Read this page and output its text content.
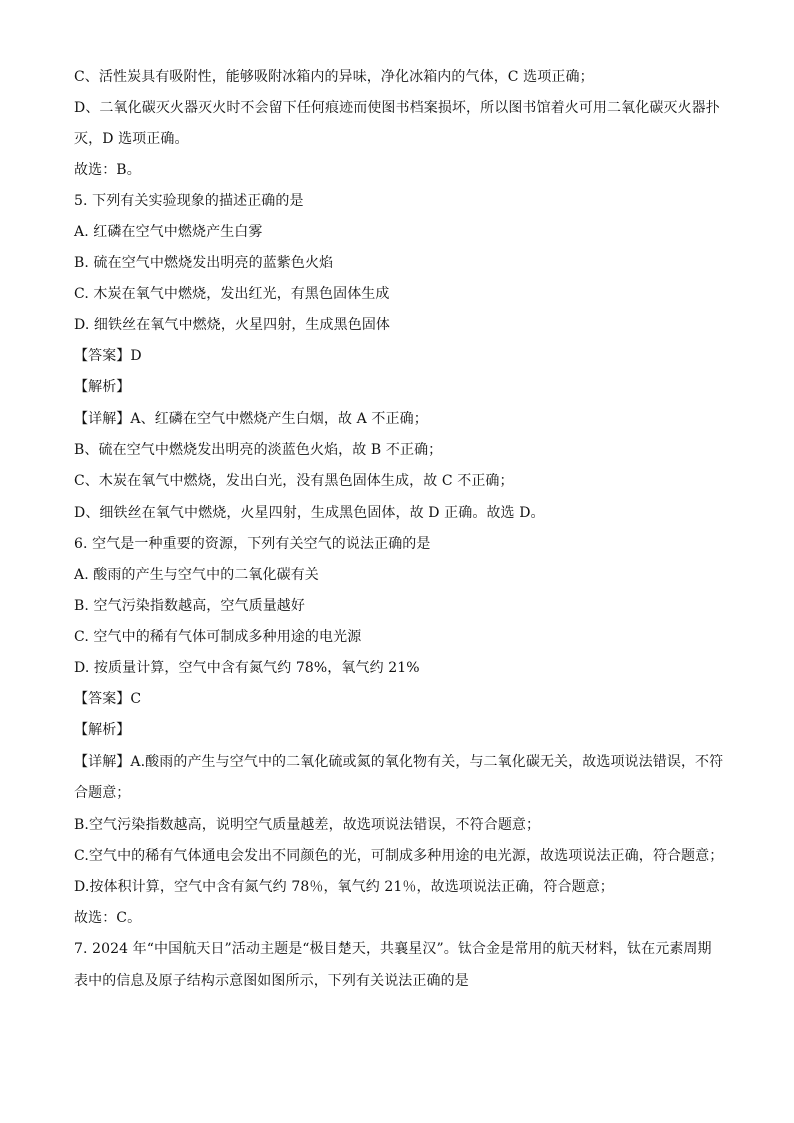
C、活性炭具有吸附性，能够吸附冰箱内的异味，净化冰箱内的气体，C 选项正确；
D、二氧化碳灭火器灭火时不会留下任何痕迹而使图书档案损坏，所以图书馆着火可用二氧化碳灭火器扑
灭，D 选项正确。
故选：B。
5. 下列有关实验现象的描述正确的是
A. 红磷在空气中燃烧产生白雾
B. 硫在空气中燃烧发出明亮的蓝紫色火焰
C. 木炭在氧气中燃烧，发出红光，有黑色固体生成
D. 细铁丝在氧气中燃烧，火星四射，生成黑色固体
【答案】D
【解析】
【详解】A、红磷在空气中燃烧产生白烟，故 A 不正确；
B、硫在空气中燃烧发出明亮的淡蓝色火焰，故 B 不正确；
C、木炭在氧气中燃烧，发出白光，没有黑色固体生成，故 C 不正确；
D、细铁丝在氧气中燃烧，火星四射，生成黑色固体，故 D 正确。故选 D。
6. 空气是一种重要的资源，下列有关空气的说法正确的是
A. 酸雨的产生与空气中的二氧化碳有关
B. 空气污染指数越高，空气质量越好
C. 空气中的稀有气体可制成多种用途的电光源
D. 按质量计算，空气中含有氮气约 78%，氧气约 21%
【答案】C
【解析】
【详解】A.酸雨的产生与空气中的二氧化硫或氮的氧化物有关，与二氧化碳无关，故选项说法错误，不符
合题意；
B.空气污染指数越高，说明空气质量越差，故选项说法错误，不符合题意；
C.空气中的稀有气体通电会发出不同颜色的光，可制成多种用途的电光源，故选项说法正确，符合题意；
D.按体积计算，空气中含有氮气约 78％，氧气约 21％，故选项说法正确，符合题意；
故选：C。
7. 2024 年“中国航天日”活动主题是“极目楚天，共襄星汉”。钛合金是常用的航天材料，钛在元素周期
表中的信息及原子结构示意图如图所示，下列有关说法正确的是
